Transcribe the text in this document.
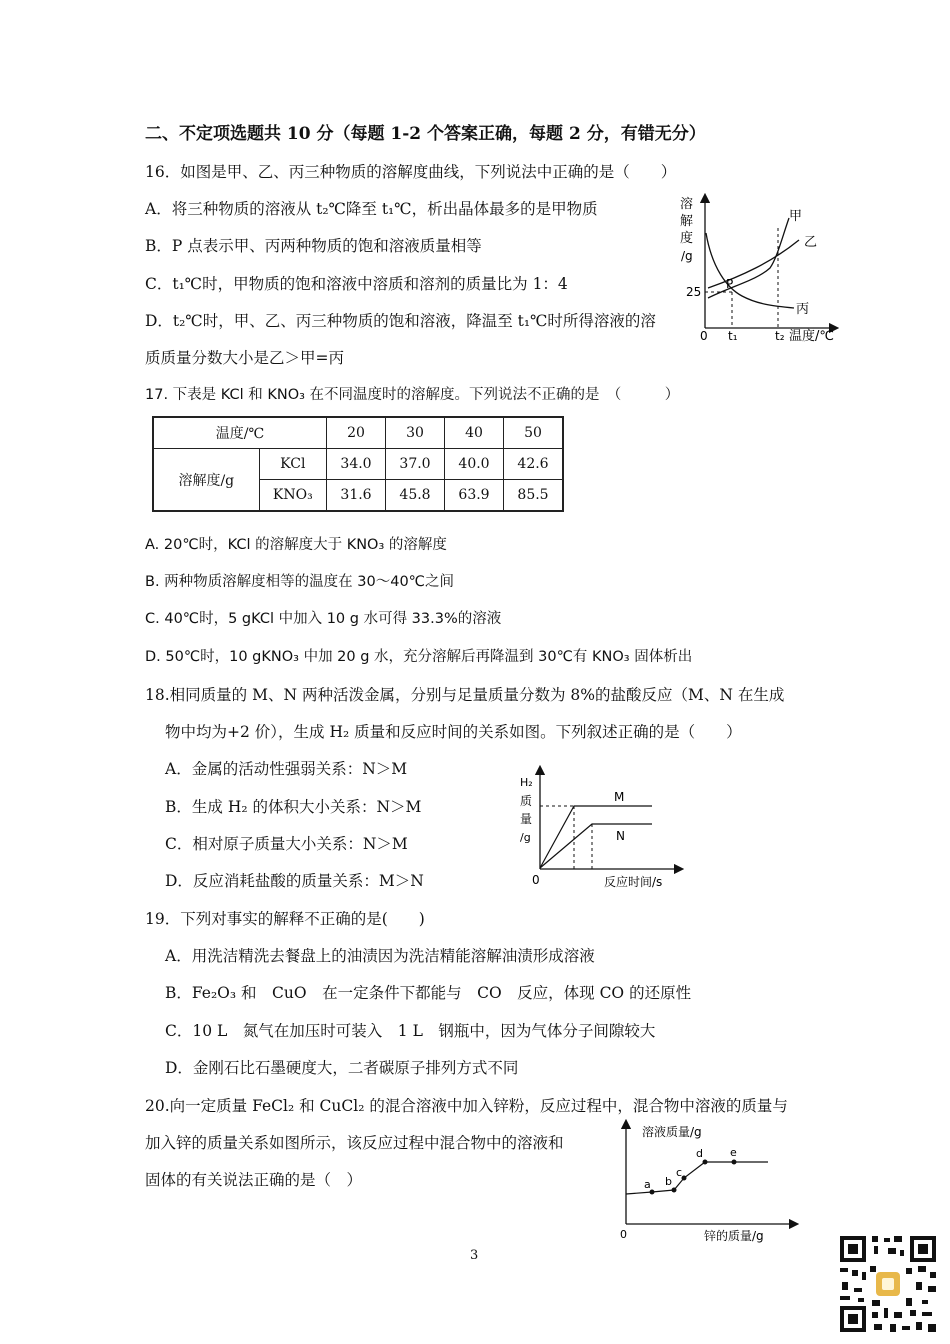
二、不定项选题共 10 分（每题 1-2 个答案正确，每题 2 分，有错无分）
16．如图是甲、乙、丙三种物质的溶解度曲线，下列说法中正确的是（　　）
A．将三种物质的溶液从 t₂℃降至 t₁℃，析出晶体最多的是甲物质
B．P 点表示甲、丙两种物质的饱和溶液质量相等
C．t₁℃时，甲物质的饱和溶液中溶质和溶剂的质量比为 1：4
D．t₂℃时，甲、乙、丙三种物质的饱和溶液，降温至 t₁℃时所得溶液的溶
质质量分数大小是乙＞甲=丙
溶
解
度
/g
25
0 t₁	t₂ 温度/℃
甲
乙
丙
P
17. 下表是 KCl 和 KNO₃ 在不同温度时的溶解度。下列说法不正确的是　（　　　）
温度/℃		20	30	40	50
溶解度/g	KCl	34.0	37.0	40.0	42.6
	KNO₃	31.6	45.8	63.9	85.5
A. 20℃时，KCl 的溶解度大于 KNO₃ 的溶解度
B. 两种物质溶解度相等的温度在 30～40℃之间
C. 40℃时，5 gKCl 中加入 10 g 水可得 33.3%的溶液
D. 50℃时，10 gKNO₃ 中加 20 g 水，充分溶解后再降温到 30℃有 KNO₃ 固体析出
18.相同质量的 M、N 两种活泼金属，分别与足量质量分数为 8%的盐酸反应（M、N 在生成
物中均为+2 价），生成 H₂ 质量和反应时间的关系如图。下列叙述正确的是（　　）
A．金属的活动性强弱关系：N＞M
B．生成 H₂ 的体积大小关系：N＞M
C．相对原子质量大小关系：N＞M
D．反应消耗盐酸的质量关系：M＞N
H₂
质
量
/g
0	反应时间/s
M
N
19．下列对事实的解释不正确的是(　　)
A．用洗洁精洗去餐盘上的油渍因为洗洁精能溶解油渍形成溶液
B．Fe₂O₃ 和　CuO　在一定条件下都能与　CO　反应，体现 CO 的还原性
C．10 L　氮气在加压时可装入　1 L　钢瓶中，因为气体分子间隙较大
D．金刚石比石墨硬度大，二者碳原子排列方式不同
20.向一定质量 FeCl₂ 和 CuCl₂ 的混合溶液中加入锌粉，反应过程中，混合物中溶液的质量与
加入锌的质量关系如图所示，该反应过程中混合物中的溶液和
固体的有关说法正确的是（　）
溶液质量/g
0	锌的质量/g
a b
c
d e
3
